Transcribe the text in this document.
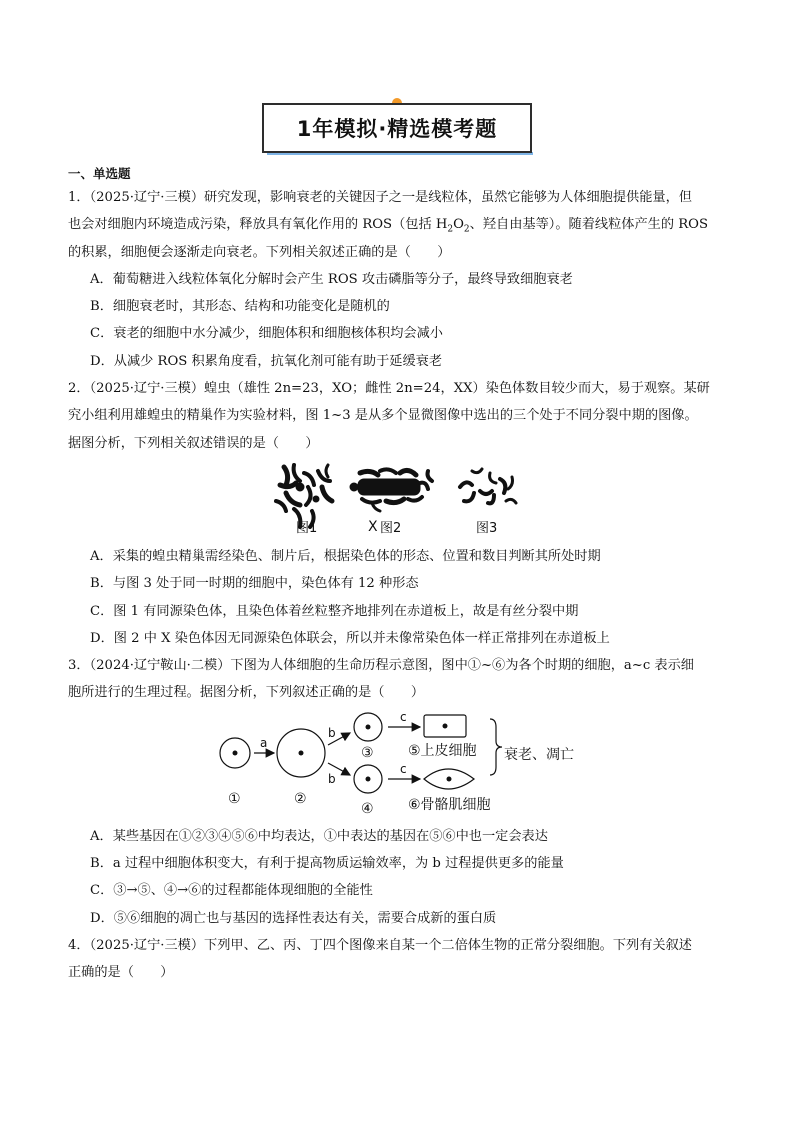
1年模拟·精选模考题
一、单选题
1．（2025·辽宁·三模）研究发现，影响衰老的关键因子之一是线粒体，虽然它能够为人体细胞提供能量，但
也会对细胞内环境造成污染，释放具有氧化作用的 ROS（包括 $H_2O_2$、羟自由基等）。随着线粒体产生的 ROS
的积累，细胞便会逐渐走向衰老。下列相关叙述正确的是（　　）
A．葡萄糖进入线粒体氧化分解时会产生 ROS 攻击磷脂等分子，最终导致细胞衰老
B．细胞衰老时，其形态、结构和功能变化是随机的
C．衰老的细胞中水分减少，细胞体积和细胞核体积均会减小
D．从减少 ROS 积累角度看，抗氧化剂可能有助于延缓衰老
2．（2025·辽宁·三模）蝗虫（雄性 2n=23，XO；雌性 2n=24，XX）染色体数目较少而大，易于观察。某研
究小组利用雄蝗虫的精巢作为实验材料，图 1~3 是从多个显微图像中选出的三个处于不同分裂中期的图像。
据图分析，下列相关叙述错误的是（　　）
X
图1	图2	图3
A．采集的蝗虫精巢需经染色、制片后，根据染色体的形态、位置和数目判断其所处时期
B．与图 3 处于同一时期的细胞中，染色体有 12 种形态
C．图 1 有同源染色体，且染色体着丝粒整齐地排列在赤道板上，故是有丝分裂中期
D．图 2 中 X 染色体因无同源染色体联会，所以并未像常染色体一样正常排列在赤道板上
3．（2024·辽宁鞍山·二模）下图为人体细胞的生命历程示意图，图中①~⑥为各个时期的细胞，a~c 表示细
胞所进行的生理过程。据图分析，下列叙述正确的是（　　）
a
b
b
c
c
①	②
③
④
⑤上皮细胞
⑥骨骼肌细胞
衰老、凋亡
A．某些基因在①②③④⑤⑥中均表达，①中表达的基因在⑤⑥中也一定会表达
B．a 过程中细胞体积变大，有利于提高物质运输效率，为 b 过程提供更多的能量
C．③→⑤、④→⑥的过程都能体现细胞的全能性
D．⑤⑥细胞的凋亡也与基因的选择性表达有关，需要合成新的蛋白质
4．（2025·辽宁·三模）下列甲、乙、丙、丁四个图像来自某一个二倍体生物的正常分裂细胞。下列有关叙述
正确的是（　　）
